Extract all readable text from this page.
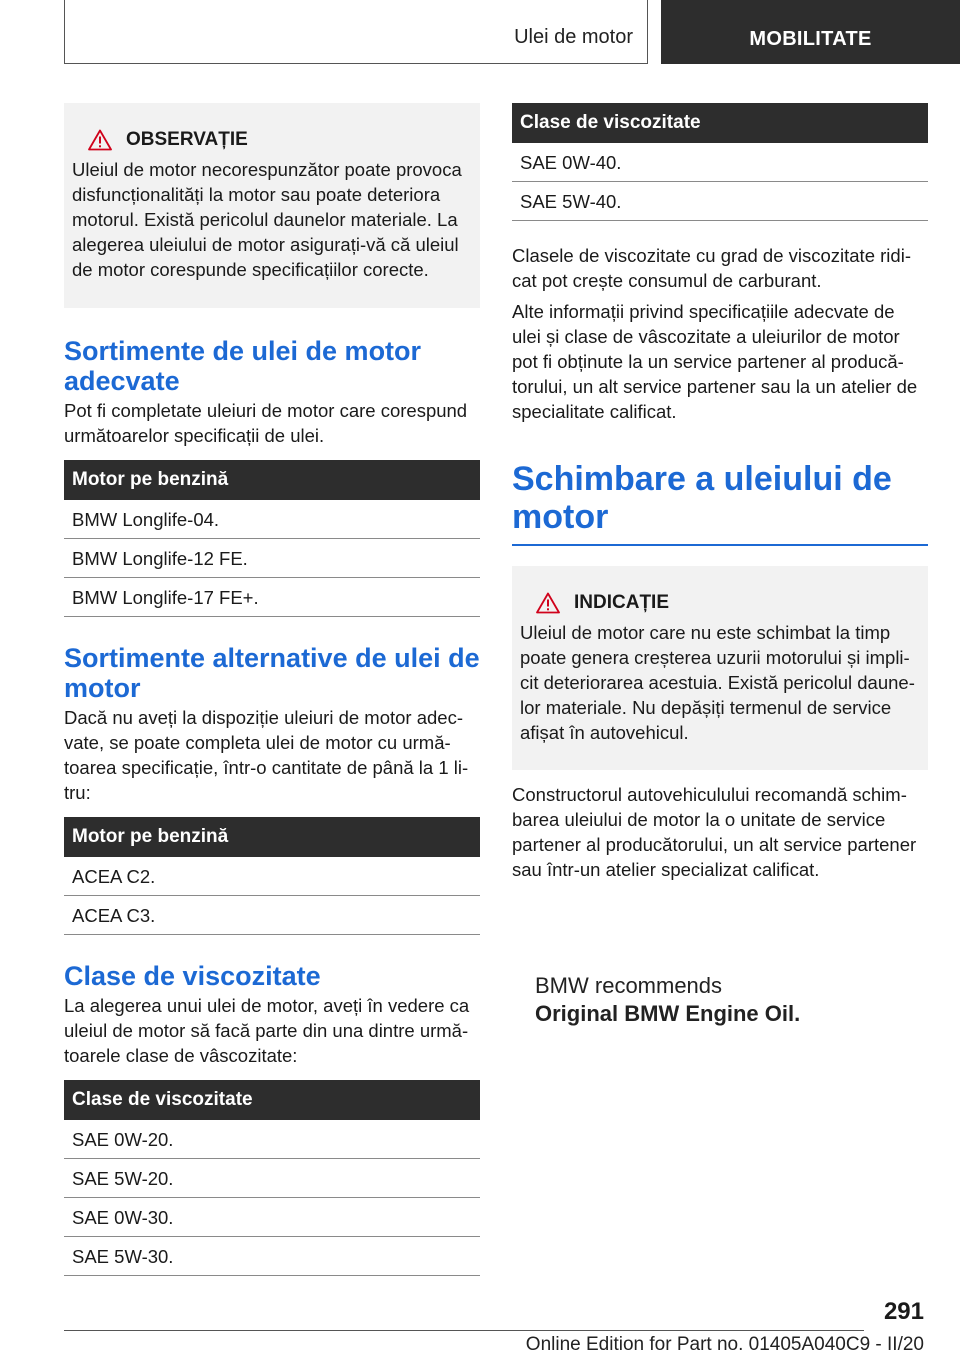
Ulei de motor	MOBILITATE
OBSERVAȚIE
Uleiul de motor necorespunzător poate provoca disfuncționalități la motor sau poate deteriora motorul. Există pericolul daunelor materiale. La alegerea uleiului de motor asigurați-vă că uleiul de motor corespunde specificațiilor corecte.
Sortimente de ulei de motor adecvate

Pot fi completate uleiuri de motor care corespund următoarelor specificații de ulei.

Motor pe benzină
BMW Longlife-04.
BMW Longlife-12 FE.
BMW Longlife-17 FE+.
Sortimente alternative de ulei de motor

Dacă nu aveți la dispoziție uleiuri de motor adecvate, se poate completa ulei de motor cu următoarea specificație, într-o cantitate de până la 1 litru:

Motor pe benzină
ACEA C2.
ACEA C3.
Clase de viscozitate

La alegerea unui ulei de motor, aveți în vedere ca uleiul de motor să facă parte din una dintre următoarele clase de vâscozitate:

Clase de viscozitate
SAE 0W-20.
SAE 5W-20.
SAE 0W-30.
SAE 5W-30.
Clase de viscozitate
SAE 0W-40.
SAE 5W-40.

Clasele de viscozitate cu grad de viscozitate ridicat pot crește consumul de carburant.

Alte informații privind specificațiile adecvate de ulei și clase de vâscozitate a uleiurilor de motor pot fi obținute la un service partener al producătorului, un alt service partener sau la un atelier de specialitate calificat.

Schimbare a uleiului de motor
INDICAȚIE
Uleiul de motor care nu este schimbat la timp poate genera creșterea uzurii motorului și implicit deteriorarea acestuia. Există pericolul daunelor materiale. Nu depășiți termenul de service afișat în autovehicul.

Constructorul autovehiculului recomandă schimbarea uleiului de motor la o unitate de service partener al producătorului, un alt service partener sau într-un atelier specializat calificat.

BMW recommends
Original BMW Engine Oil.
291
Online Edition for Part no. 01405A040C9 - II/20
